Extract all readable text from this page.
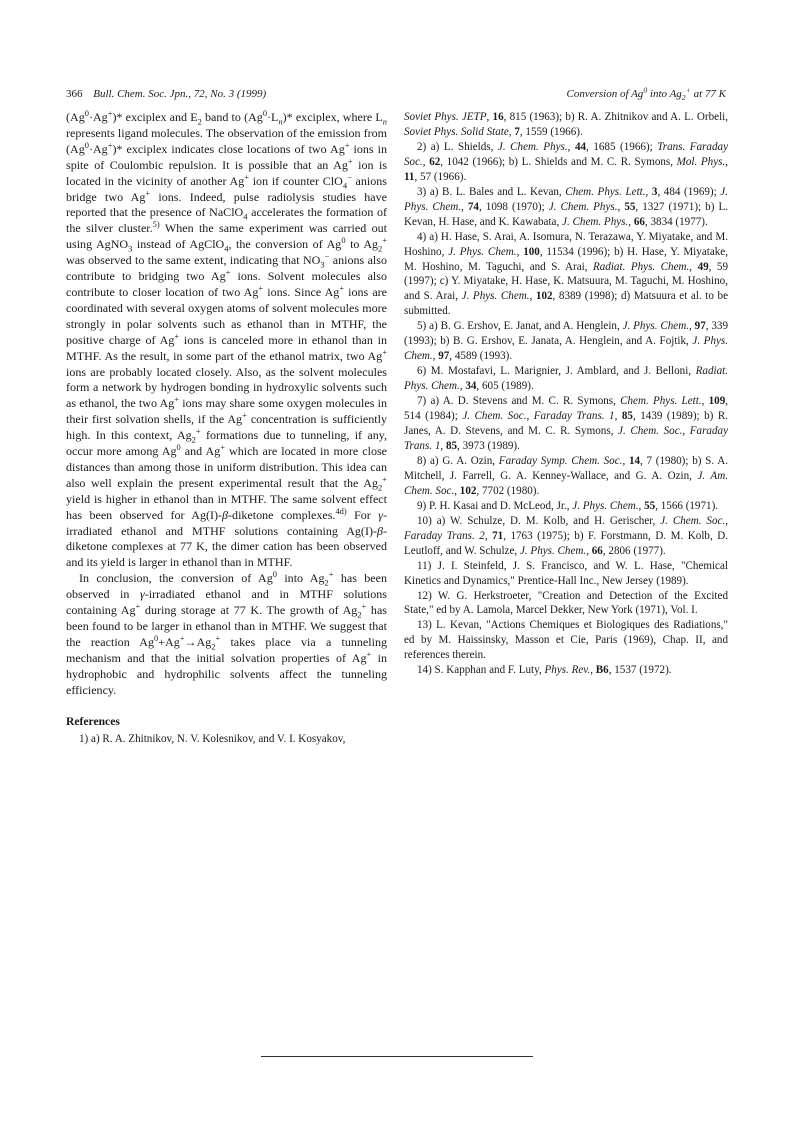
366 Bull. Chem. Soc. Jpn., 72, No. 3 (1999)	Conversion of Ag$^0$ into $Ag_2^+$ at 77 K

$(Ag^0\cdot Ag^+)*$ exciplex and $E_2$ band to $(Ag^0\cdot L_n)*$ exciplex, where $L_n$ represents ligand molecules. The observation of the emission from $(Ag^0\cdot Ag^+)*$ exciplex indicates close locations of two Ag+ ions in spite of Coulombic repulsion. It is possible that an Ag+ ion is located in the vicinity of another Ag+ ion if counter ClO$_4$− anions bridge two Ag+ ions. Indeed, pulse radiolysis studies have reported that the presence of NaClO$_4$ accelerates the formation of the silver cluster.$^{5)}$ When the same experiment was carried out using AgNO$_3$ instead of AgClO$_4$, the conversion of Ag$^0$ to $Ag_2^+$ was observed to the same extent, indicating that $NO_3^-$ anions also contribute to bridging two Ag+ ions. Solvent molecules also contribute to closer location of two Ag+ ions. Since Ag+ ions are coordinated with several oxygen atoms of solvent molecules more strongly in polar solvents such as ethanol than in MTHF, the positive charge of Ag+ ions is canceled more in ethanol than in MTHF. As the result, in some part of the ethanol matrix, two Ag+ ions are probably located closely. Also, as the solvent molecules form a network by hydrogen bonding in hydroxylic solvents such as ethanol, the two Ag+ ions may share some oxygen molecules in their first solvation shells, if the Ag+ concentration is sufficiently high. In this context, $Ag_2^+$ formations due to tunneling, if any, occur more among Ag$^0$ and Ag+ which are located in more close distances than among those in uniform distribution. This idea can also well explain the present experimental result that the $Ag_2^+$ yield is higher in ethanol than in MTHF. The same solvent effect has been observed for Ag(I)-β-diketone complexes.$^{4d)}$ For γ-irradiated ethanol and MTHF solutions containing Ag(I)-β-diketone complexes at 77 K, the dimer cation has been observed and its yield is larger in ethanol than in MTHF.

In conclusion, the conversion of Ag$^0$ into $Ag_2^+$ has been observed in γ-irradiated ethanol and in MTHF solutions containing Ag+ during storage at 77 K. The growth of $Ag_2^+$ has been found to be larger in ethanol than in MTHF. We suggest that the reaction $Ag^0+Ag^+\to Ag_2^+$ takes place via a tunneling mechanism and that the initial solvation properties of Ag+ in hydrophobic and hydrophilic solvents affect the tunneling efficiency.

References

1) a) R. A. Zhitnikov, N. V. Kolesnikov, and V. I. Kosyakov,

Soviet Phys. JETP, 16, 815 (1963); b) R. A. Zhitnikov and A. L. Orbeli, Soviet Phys. Solid State, 7, 1559 (1966).

2) a) L. Shields, J. Chem. Phys., 44, 1685 (1966); Trans. Faraday Soc., 62, 1042 (1966); b) L. Shields and M. C. R. Symons, Mol. Phys., 11, 57 (1966).

3) a) B. L. Bales and L. Kevan, Chem. Phys. Lett., 3, 484 (1969); J. Phys. Chem., 74, 1098 (1970); J. Chem. Phys., 55, 1327 (1971); b) L. Kevan, H. Hase, and K. Kawabata, J. Chem. Phys., 66, 3834 (1977).

4) a) H. Hase, S. Arai, A. Isomura, N. Terazawa, Y. Miyatake, and M. Hoshino, J. Phys. Chem., 100, 11534 (1996); b) H. Hase, Y. Miyatake, M. Hoshino, M. Taguchi, and S. Arai, Radiat. Phys. Chem., 49, 59 (1997); c) Y. Miyatake, H. Hase, K. Matsuura, M. Taguchi, M. Hoshino, and S. Arai, J. Phys. Chem., 102, 8389 (1998); d) Matsuura et al. to be submitted.

5) a) B. G. Ershov, E. Janat, and A. Henglein, J. Phys. Chem., 97, 339 (1993); b) B. G. Ershov, E. Janata, A. Henglein, and A. Fojtik, J. Phys. Chem., 97, 4589 (1993).

6) M. Mostafavi, L. Marignier, J. Amblard, and J. Belloni, Radiat. Phys. Chem., 34, 605 (1989).

7) a) A. D. Stevens and M. C. R. Symons, Chem. Phys. Lett., 109, 514 (1984); J. Chem. Soc., Faraday Trans. 1, 85, 1439 (1989); b) R. Janes, A. D. Stevens, and M. C. R. Symons, J. Chem. Soc., Faraday Trans. 1, 85, 3973 (1989).

8) a) G. A. Ozin, Faraday Symp. Chem. Soc., 14, 7 (1980); b) S. A. Mitchell, J. Farrell, G. A. Kenney-Wallace, and G. A. Ozin, J. Am. Chem. Soc., 102, 7702 (1980).

9) P. H. Kasai and D. McLeod, Jr., J. Phys. Chem., 55, 1566 (1971).

10) a) W. Schulze, D. M. Kolb, and H. Gerischer, J. Chem. Soc., Faraday Trans. 2, 71, 1763 (1975); b) F. Forstmann, D. M. Kolb, D. Leutloff, and W. Schulze, J. Phys. Chem., 66, 2806 (1977).

11) J. I. Steinfeld, J. S. Francisco, and W. L. Hase, "Chemical Kinetics and Dynamics," Prentice-Hall Inc., New Jersey (1989).

12) W. G. Herkstroeter, "Creation and Detection of the Excited State," ed by A. Lamola, Marcel Dekker, New York (1971), Vol. I.

13) L. Kevan, "Actions Chemiques et Biologiques des Radiations," ed by M. Haissinsky, Masson et Cie, Paris (1969), Chap. II, and references therein.

14) S. Kapphan and F. Luty, Phys. Rev., B6, 1537 (1972).
